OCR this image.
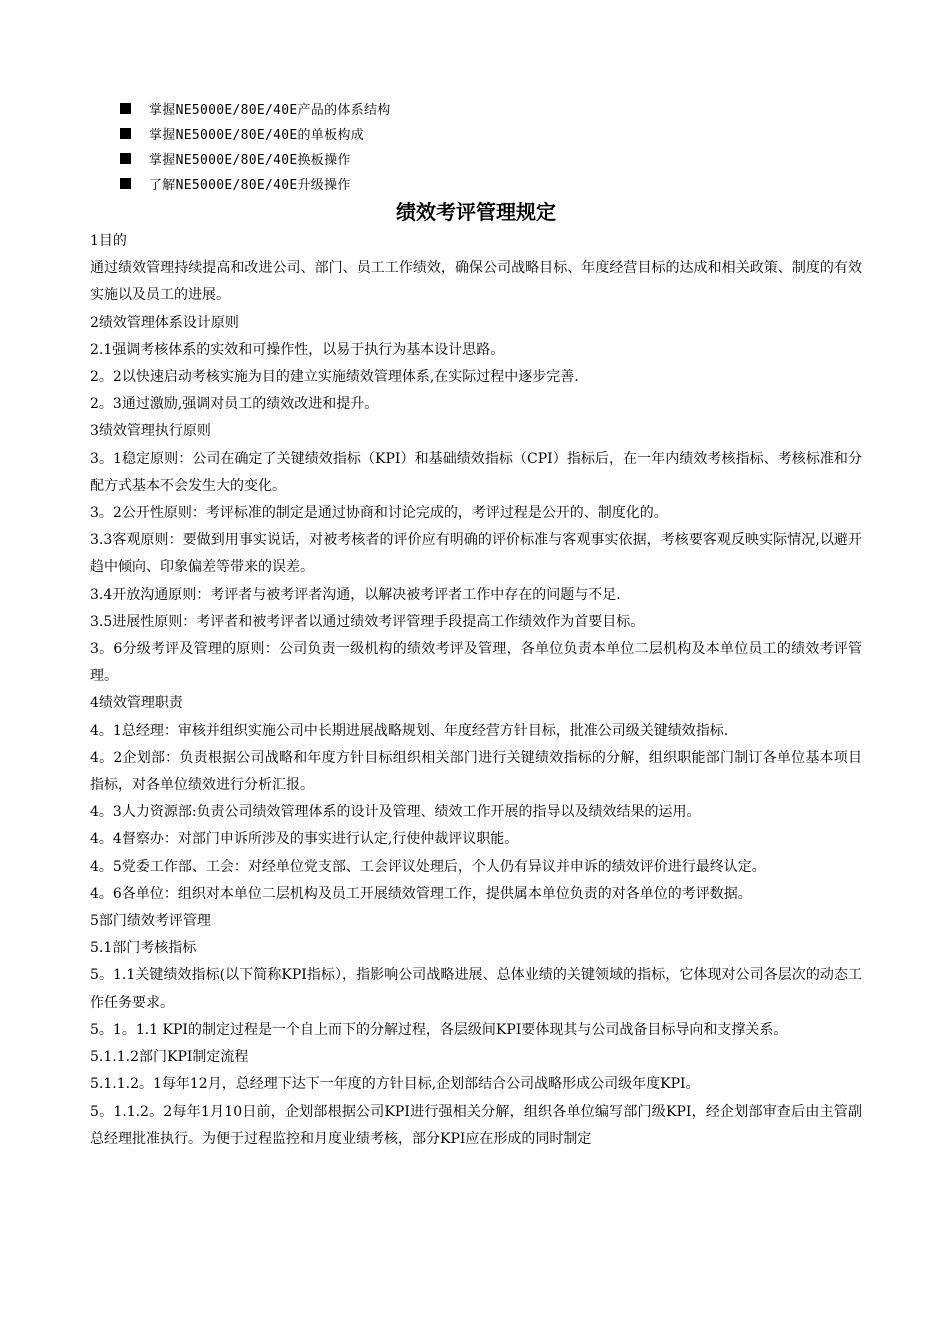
掌握NE5000E/80E/40E产品的体系结构
掌握NE5000E/80E/40E的单板构成
掌握NE5000E/80E/40E换板操作
了解NE5000E/80E/40E升级操作
绩效考评管理规定

1目的

通过绩效管理持续提高和改进公司、部门、员工工作绩效，确保公司战略目标、年度经营目标的达成和相关政策、制度的有效实施以及员工的进展。

2绩效管理体系设计原则

2.1强调考核体系的实效和可操作性，以易于执行为基本设计思路。

2。2以快速启动考核实施为目的建立实施绩效管理体系,在实际过程中逐步完善.

2。3通过激励,强调对员工的绩效改进和提升。

3绩效管理执行原则

3。1稳定原则：公司在确定了关键绩效指标（KPI）和基础绩效指标（CPI）指标后，在一年内绩效考核指标、考核标准和分配方式基本不会发生大的变化。

3。2公开性原则：考评标准的制定是通过协商和讨论完成的，考评过程是公开的、制度化的。

3.3客观原则：要做到用事实说话，对被考核者的评价应有明确的评价标准与客观事实依据，考核要客观反映实际情况,以避开趋中倾向、印象偏差等带来的误差。

3.4开放沟通原则：考评者与被考评者沟通，以解决被考评者工作中存在的问题与不足.

3.5进展性原则：考评者和被考评者以通过绩效考评管理手段提高工作绩效作为首要目标。

3。6分级考评及管理的原则：公司负责一级机构的绩效考评及管理，各单位负责本单位二层机构及本单位员工的绩效考评管理。

4绩效管理职责

4。1总经理：审核并组织实施公司中长期进展战略规划、年度经营方针目标，批准公司级关键绩效指标.

4。2企划部：负责根据公司战略和年度方针目标组织相关部门进行关键绩效指标的分解，组织职能部门制订各单位基本项目指标，对各单位绩效进行分析汇报。

4。3人力资源部:负责公司绩效管理体系的设计及管理、绩效工作开展的指导以及绩效结果的运用。

4。4督察办：对部门申诉所涉及的事实进行认定,行使仲裁评议职能。

4。5党委工作部、工会：对经单位党支部、工会评议处理后，个人仍有异议并申诉的绩效评价进行最终认定。

4。6各单位：组织对本单位二层机构及员工开展绩效管理工作，提供属本单位负责的对各单位的考评数据。

5部门绩效考评管理

5.1部门考核指标

5。1.1关键绩效指标(以下简称KPI指标），指影响公司战略进展、总体业绩的关键领域的指标，它体现对公司各层次的动态工作任务要求。

5。1。1.1 KPI的制定过程是一个自上而下的分解过程，各层级间KPI要体现其与公司战备目标导向和支撑关系。

5.1.1.2部门KPI制定流程

5.1.1.2。1每年12月，总经理下达下一年度的方针目标,企划部结合公司战略形成公司级年度KPI。

5。1.1.2。2每年1月10日前，企划部根据公司KPI进行强相关分解，组织各单位编写部门级KPI，经企划部审查后由主管副总经理批准执行。为便于过程监控和月度业绩考核，部分KPI应在形成的同时制定
